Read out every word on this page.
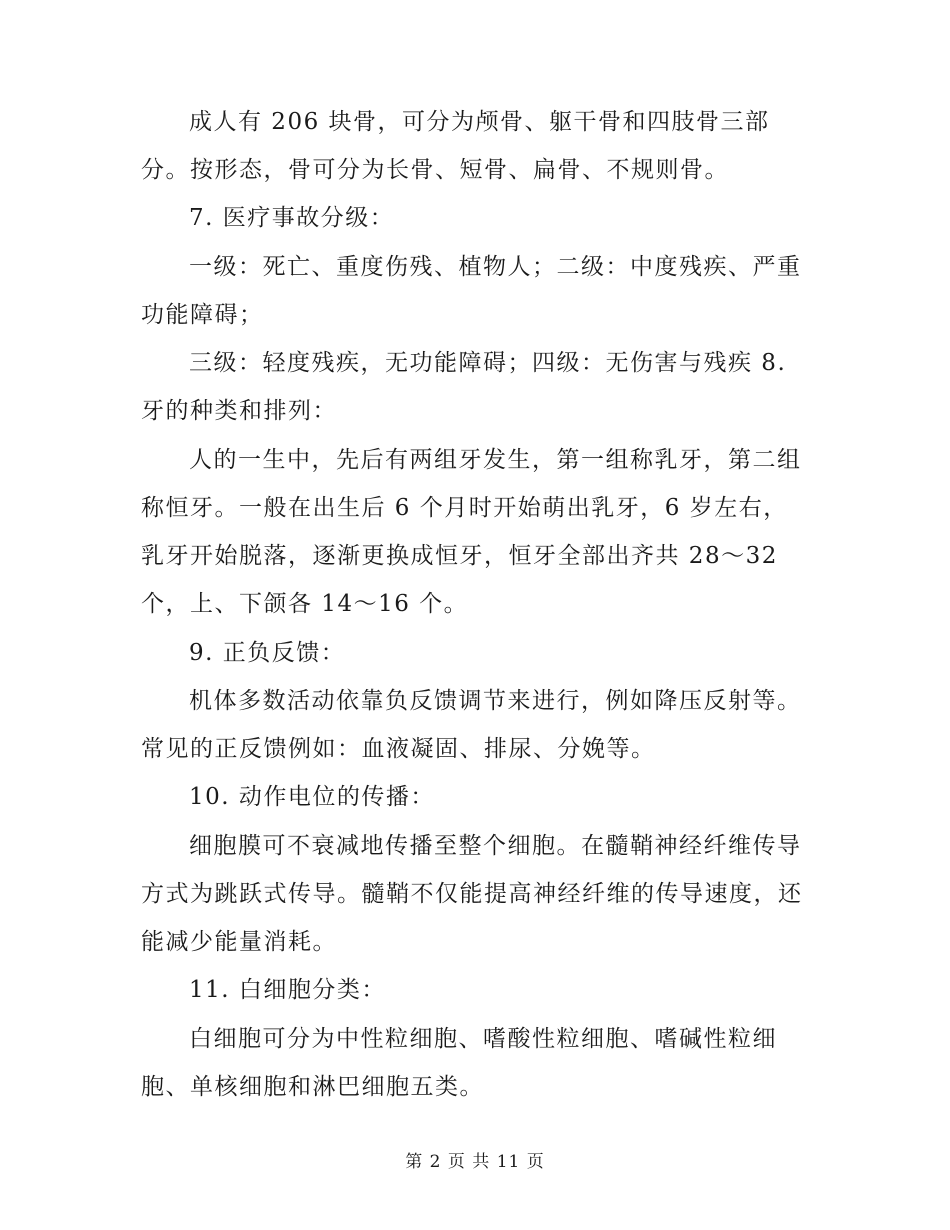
成人有 206 块骨，可分为颅骨、躯干骨和四肢骨三部
分。按形态，骨可分为长骨、短骨、扁骨、不规则骨。
7. 医疗事故分级：
一级：死亡、重度伤残、植物人；二级：中度残疾、严重
功能障碍；
三级：轻度残疾，无功能障碍；四级：无伤害与残疾 8.
牙的种类和排列：
人的一生中，先后有两组牙发生，第一组称乳牙，第二组
称恒牙。一般在出生后 6 个月时开始萌出乳牙，6 岁左右，
乳牙开始脱落，逐渐更换成恒牙，恒牙全部出齐共 28～32
个，上、下颌各 14～16 个。
9. 正负反馈：
机体多数活动依靠负反馈调节来进行，例如降压反射等。
常见的正反馈例如：血液凝固、排尿、分娩等。
10. 动作电位的传播：
细胞膜可不衰减地传播至整个细胞。在髓鞘神经纤维传导
方式为跳跃式传导。髓鞘不仅能提高神经纤维的传导速度，还
能减少能量消耗。
11. 白细胞分类：
白细胞可分为中性粒细胞、嗜酸性粒细胞、嗜碱性粒细
胞、单核细胞和淋巴细胞五类。
第 2 页 共 11 页
